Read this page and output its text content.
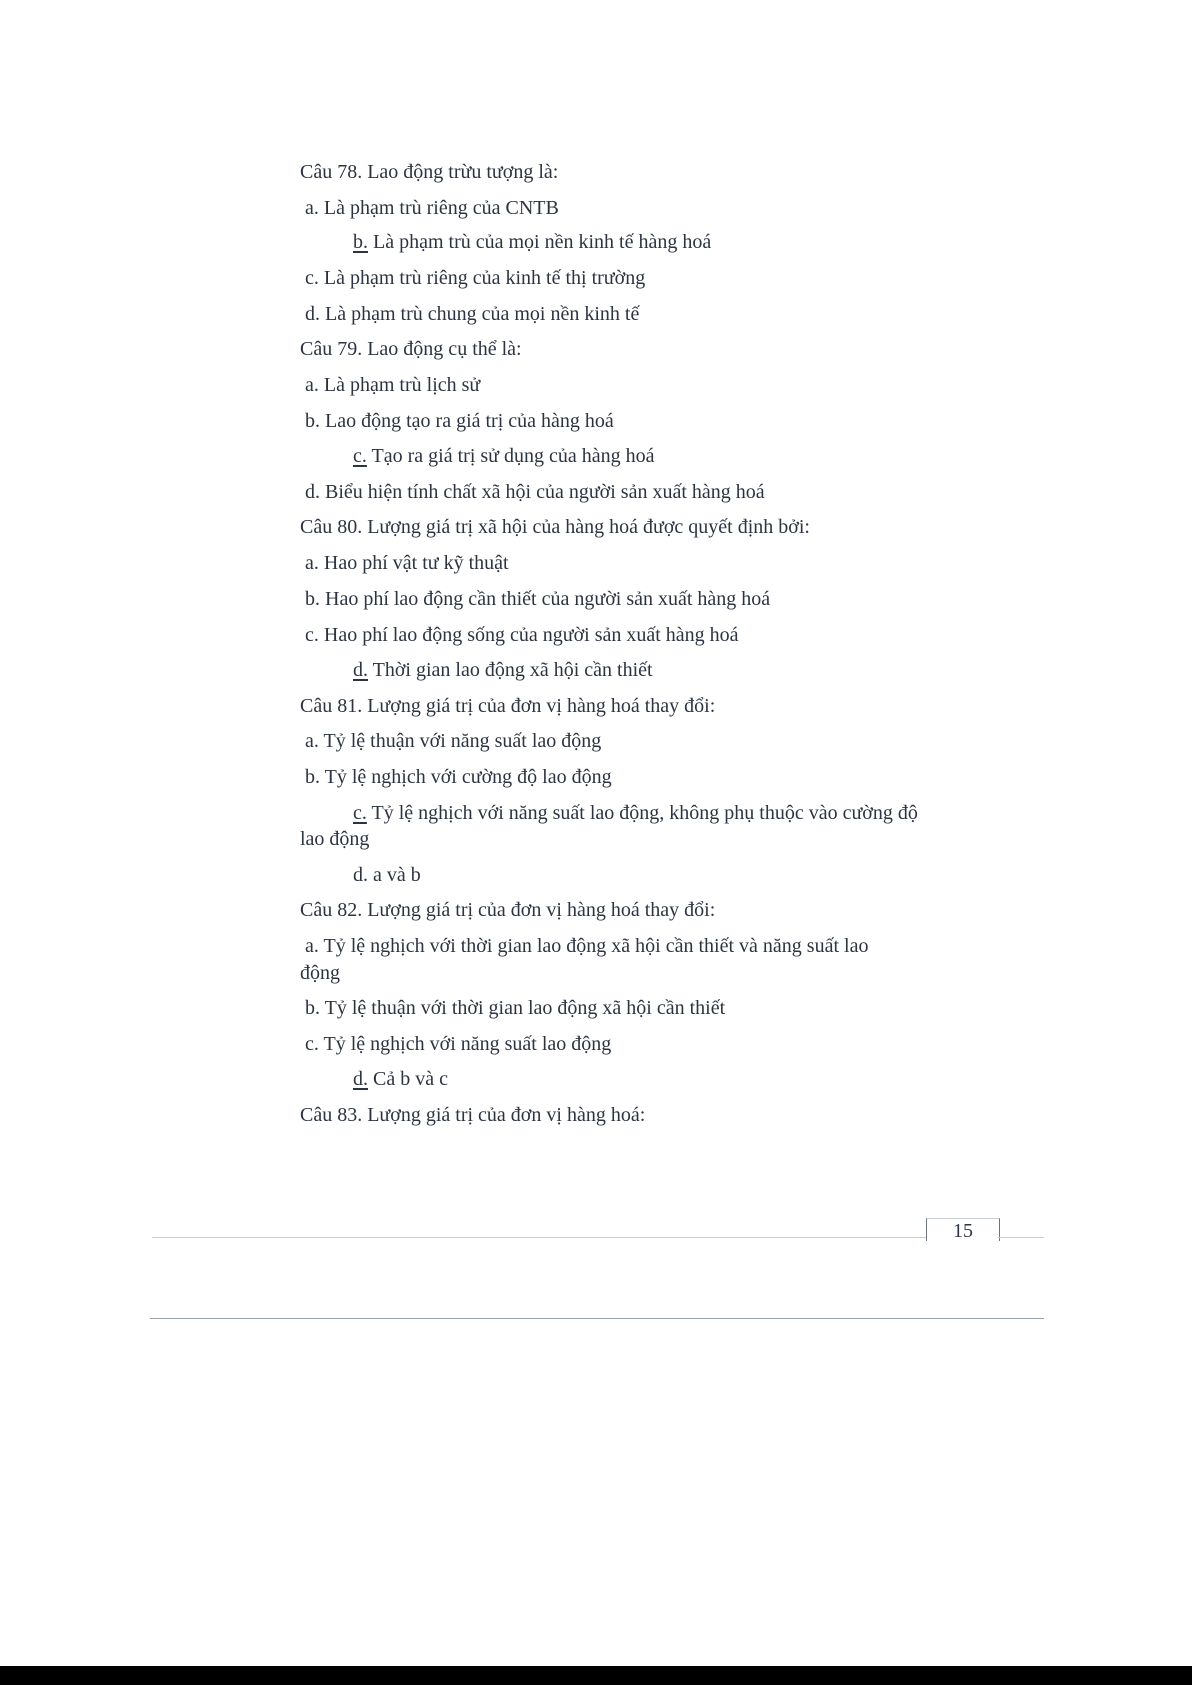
Câu 78. Lao động trừu tượng là:
a. Là phạm trù riêng của CNTB
b. Là phạm trù của mọi nền kinh tế hàng hoá
c. Là phạm trù riêng của kinh tế thị trường
d. Là phạm trù chung của mọi nền kinh tế
Câu 79. Lao động cụ thể là:
a. Là phạm trù lịch sử
b. Lao động tạo ra giá trị của hàng hoá
c. Tạo ra giá trị sử dụng của hàng hoá
d. Biểu hiện tính chất xã hội của người sản xuất hàng hoá
Câu 80. Lượng giá trị xã hội của hàng hoá được quyết định bởi:
a. Hao phí vật tư kỹ thuật
b. Hao phí lao động cần thiết của người sản xuất hàng hoá
c. Hao phí lao động sống của người sản xuất hàng hoá
d. Thời gian lao động xã hội cần thiết
Câu 81. Lượng giá trị của đơn vị hàng hoá thay đổi:
a. Tỷ lệ thuận với năng suất lao động
b. Tỷ lệ nghịch với cường độ lao động
c. Tỷ lệ nghịch với năng suất lao động, không phụ thuộc vào cường độ
lao động
d. a và b
Câu 82. Lượng giá trị của đơn vị hàng hoá thay đổi:
a. Tỷ lệ nghịch với thời gian lao động xã hội cần thiết và năng suất lao
động
b. Tỷ lệ thuận với thời gian lao động xã hội cần thiết
c. Tỷ lệ nghịch với năng suất lao động
d. Cả b và c
Câu 83. Lượng giá trị của đơn vị hàng hoá:
15
